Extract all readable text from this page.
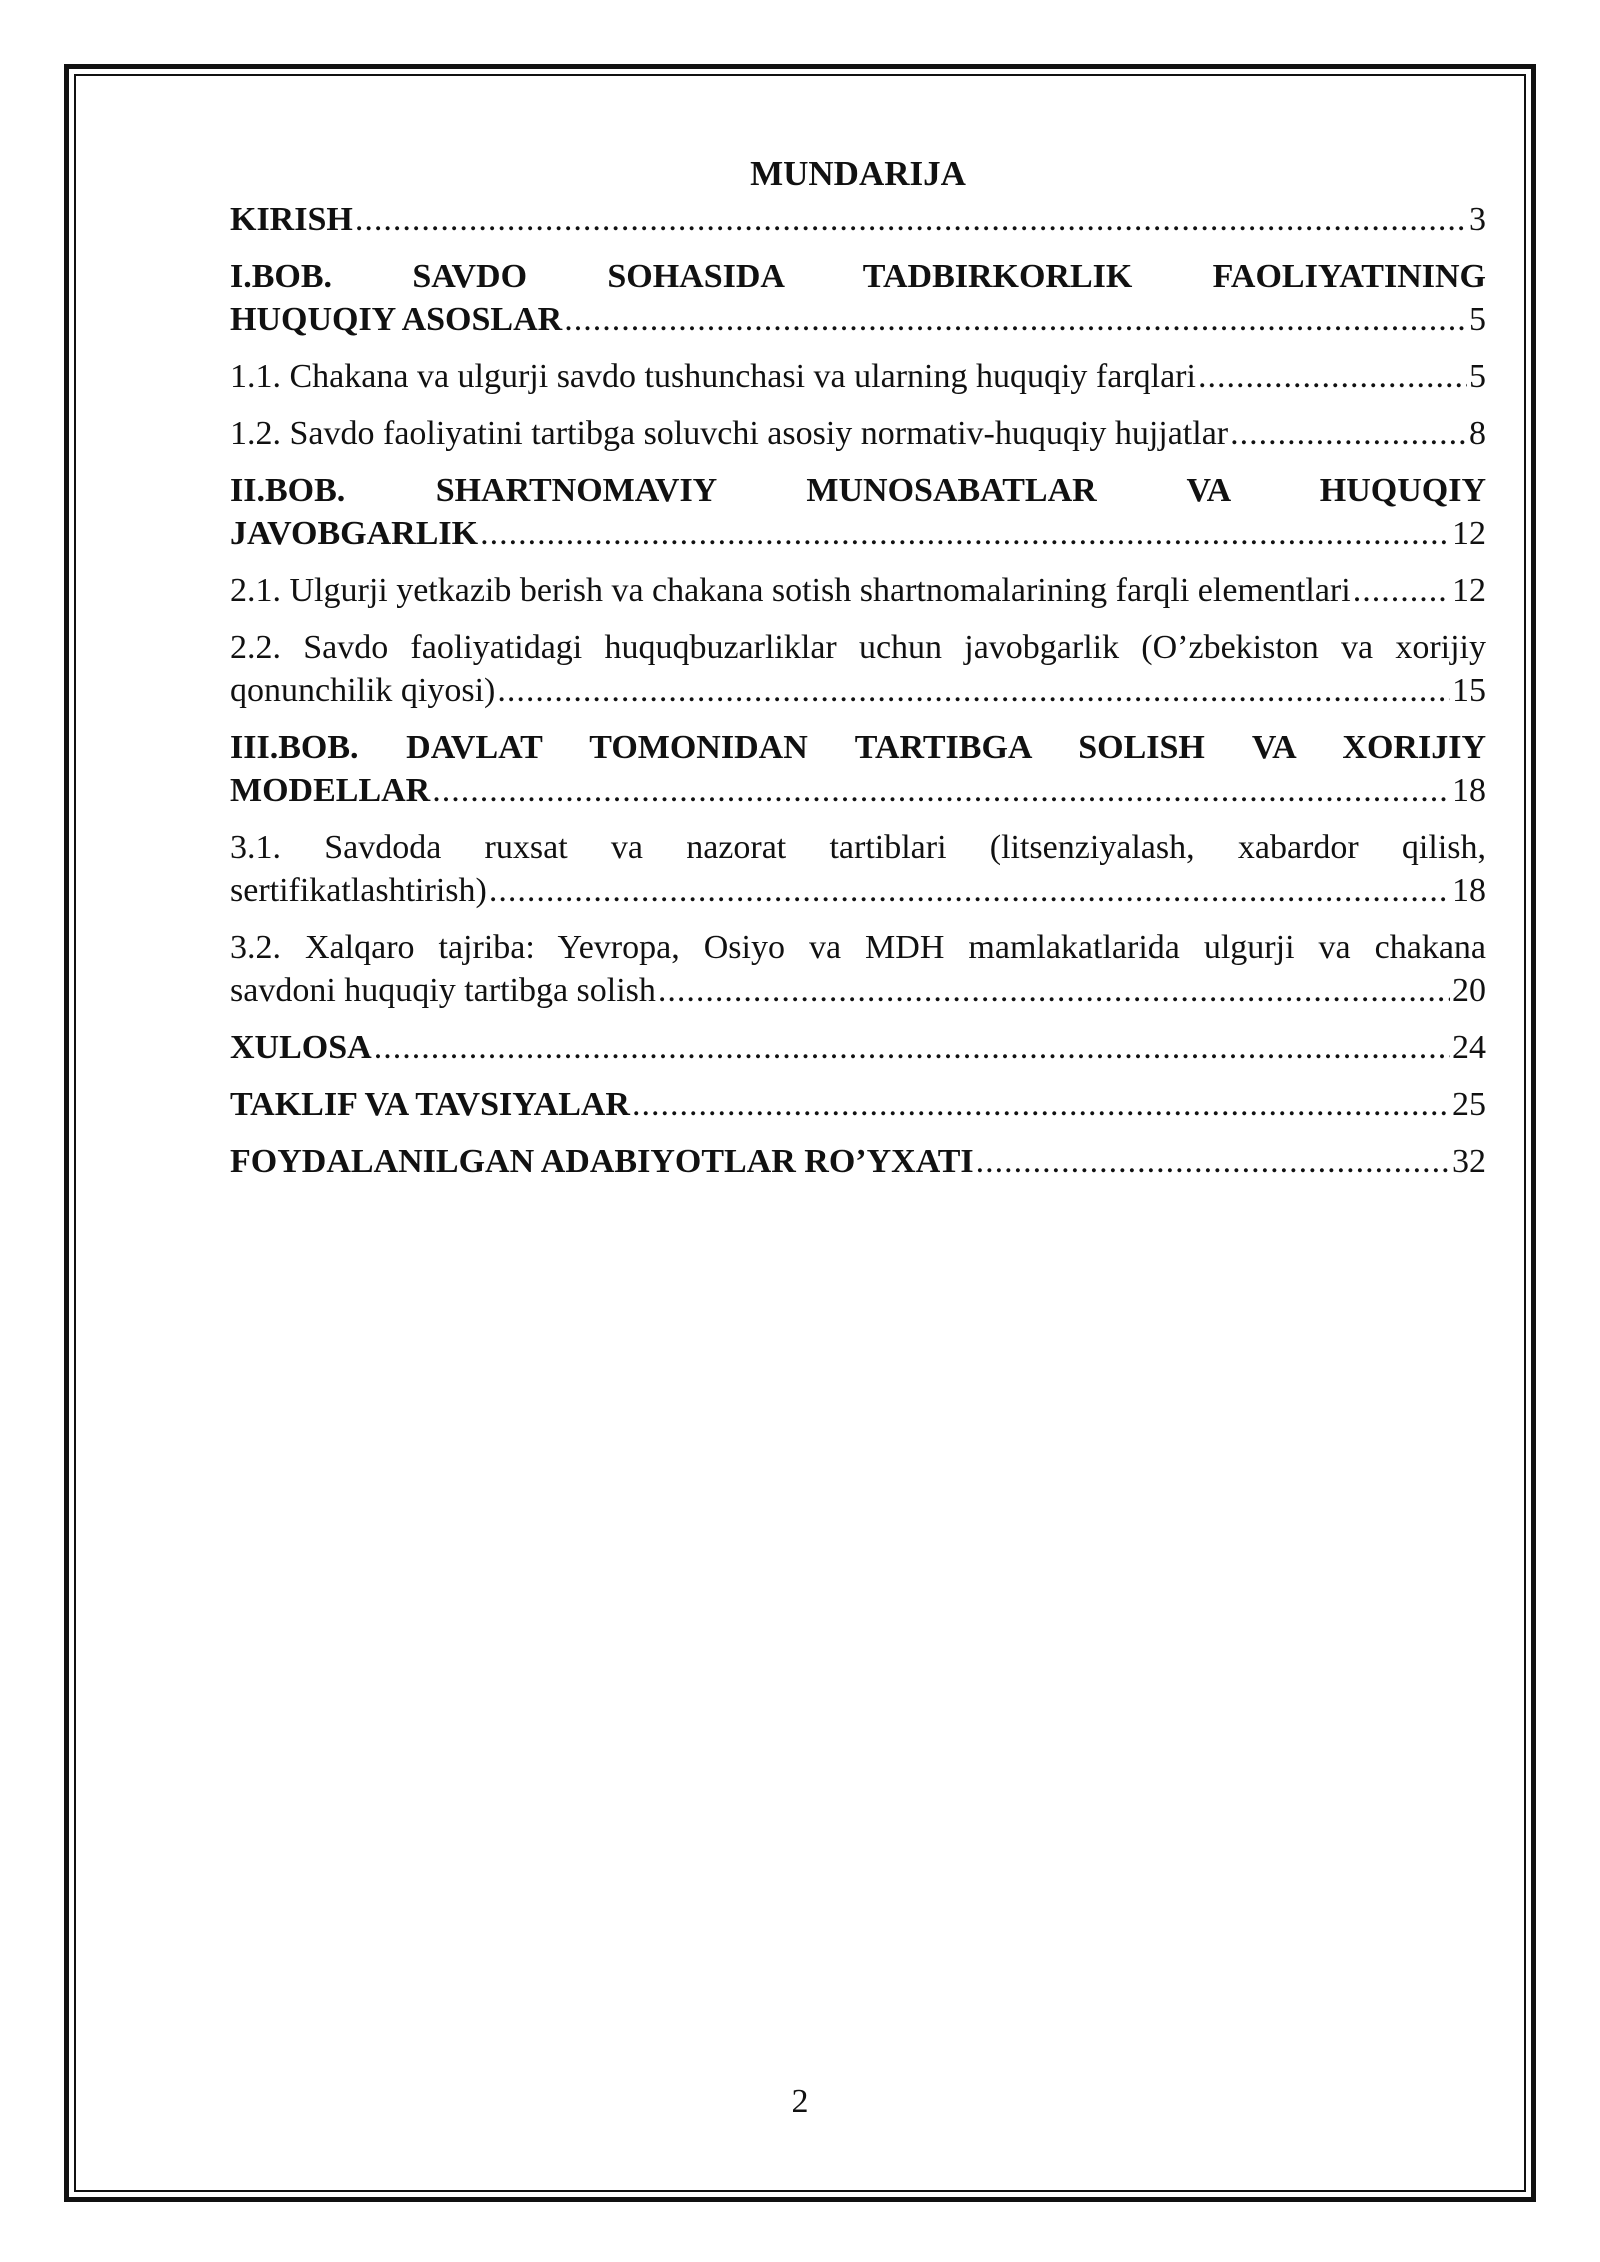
MUNDARIJA
KIRISH .....	3
I.BOB. SAVDO SOHASIDA TADBIRKORLIK FAOLIYATINING
HUQUQIY ASOSLAR .....	5
1.1. Chakana va ulgurji savdo tushunchasi va ularning huquqiy farqlari .....	5
1.2. Savdo faoliyatini tartibga soluvchi asosiy normativ-huquqiy hujjatlar .....	8
II.BOB. SHARTNOMAVIY MUNOSABATLAR VA HUQUQIY
JAVOBGARLIK .....	12
2.1. Ulgurji yetkazib berish va chakana sotish shartnomalarining farqli elementlari .....	12
2.2. Savdo faoliyatidagi huquqbuzarliklar uchun javobgarlik (O’zbekiston va xorijiy
qonunchilik qiyosi) .....	15
III.BOB. DAVLAT TOMONIDAN TARTIBGA SOLISH VA XORIJIY
MODELLAR .....	18
3.1. Savdoda ruxsat va nazorat tartiblari (litsenziyalash, xabardor qilish,
sertifikatlashtirish) .....	18
3.2. Xalqaro tajriba: Yevropa, Osiyo va MDH mamlakatlarida ulgurji va chakana
savdoni huquqiy tartibga solish .....	20
XULOSA .....	24
TAKLIF VA TAVSIYALAR .....	25
FOYDALANILGAN ADABIYOTLAR RO’YXATI .....	32
2
